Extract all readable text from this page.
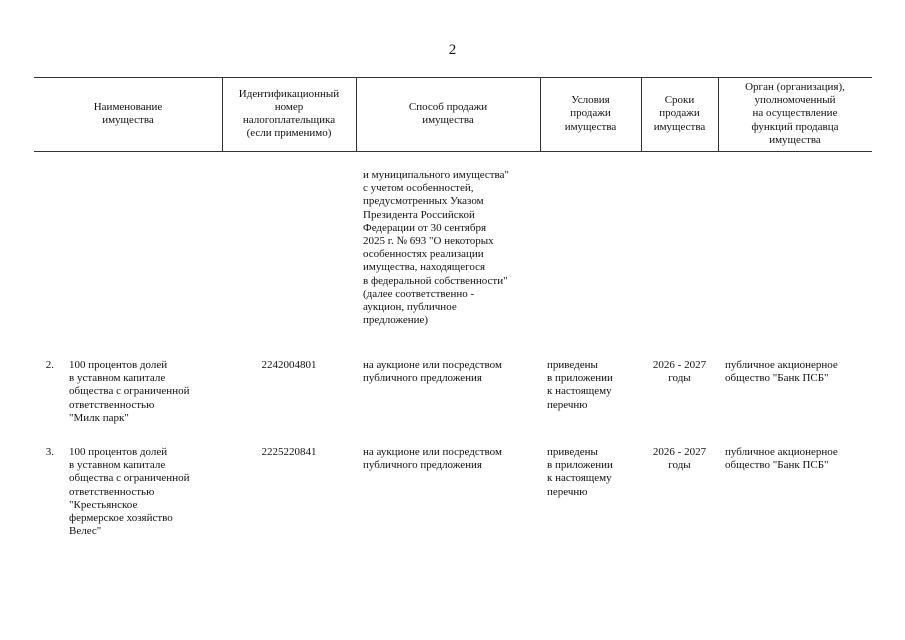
2
Наименование
имущества
Идентификационный
номер
налогоплательщика
(если применимо)
Способ продажи
имущества
Условия
продажи
имущества
Сроки
продажи
имущества
Орган (организация),
уполномоченный
на осуществление
функций продавца
имущества
и муниципального имущества"
с учетом особенностей,
предусмотренных Указом
Президента Российской
Федерации от 30 сентября
2025 г. № 693 "О некоторых
особенностях реализации
имущества, находящегося
в федеральной собственности"
(далее соответственно -
аукцион, публичное
предложение)
2. 100 процентов долей
в уставном капитале
общества с ограниченной
ответственностью
"Милк парк"
2242004801	на аукционе или посредством
публичного предложения
приведены
в приложении
к настоящему
перечню
2026 - 2027
годы
публичное акционерное
общество "Банк ПСБ"
3. 100 процентов долей
в уставном капитале
общества с ограниченной
ответственностью
"Крестьянское
фермерское хозяйство
Велес"
2225220841	на аукционе или посредством
публичного предложения
приведены
в приложении
к настоящему
перечню
2026 - 2027
годы
публичное акционерное
общество "Банк ПСБ"
